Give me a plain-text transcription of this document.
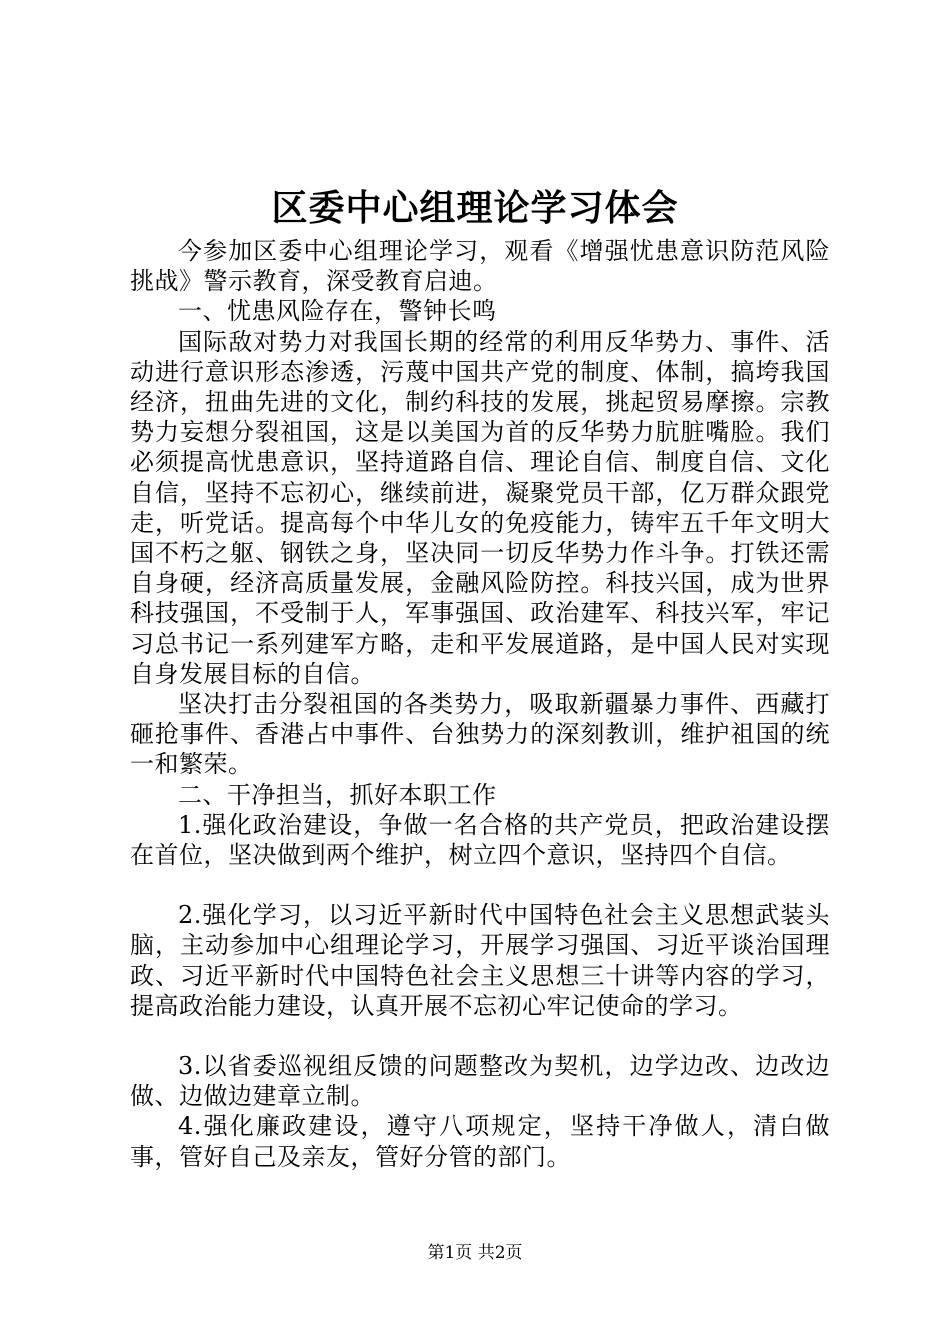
区委中心组理论学习体会

今参加区委中心组理论学习，观看《增强忧患意识防范风险挑战》警示教育，深受教育启迪。

一、忧患风险存在，警钟长鸣

国际敌对势力对我国长期的经常的利用反华势力、事件、活动进行意识形态渗透，污蔑中国共产党的制度、体制，搞垮我国经济，扭曲先进的文化，制约科技的发展，挑起贸易摩擦。宗教势力妄想分裂祖国，这是以美国为首的反华势力肮脏嘴脸。我们必须提高忧患意识，坚持道路自信、理论自信、制度自信、文化自信，坚持不忘初心，继续前进，凝聚党员干部，亿万群众跟党走，听党话。提高每个中华儿女的免疫能力，铸牢五千年文明大国不朽之躯、钢铁之身，坚决同一切反华势力作斗争。打铁还需自身硬，经济高质量发展，金融风险防控。科技兴国，成为世界科技强国，不受制于人，军事强国、政治建军、科技兴军，牢记习总书记一系列建军方略，走和平发展道路，是中国人民对实现自身发展目标的自信。

坚决打击分裂祖国的各类势力，吸取新疆暴力事件、西藏打砸抢事件、香港占中事件、台独势力的深刻教训，维护祖国的统一和繁荣。

二、干净担当，抓好本职工作

1.强化政治建设，争做一名合格的共产党员，把政治建设摆在首位，坚决做到两个维护，树立四个意识，坚持四个自信。

2.强化学习，以习近平新时代中国特色社会主义思想武装头脑，主动参加中心组理论学习，开展学习强国、习近平谈治国理政、习近平新时代中国特色社会主义思想三十讲等内容的学习，提高政治能力建设，认真开展不忘初心牢记使命的学习。

3.以省委巡视组反馈的问题整改为契机，边学边改、边改边做、边做边建章立制。

4.强化廉政建设，遵守八项规定，坚持干净做人，清白做事，管好自己及亲友，管好分管的部门。

第1页 共2页
